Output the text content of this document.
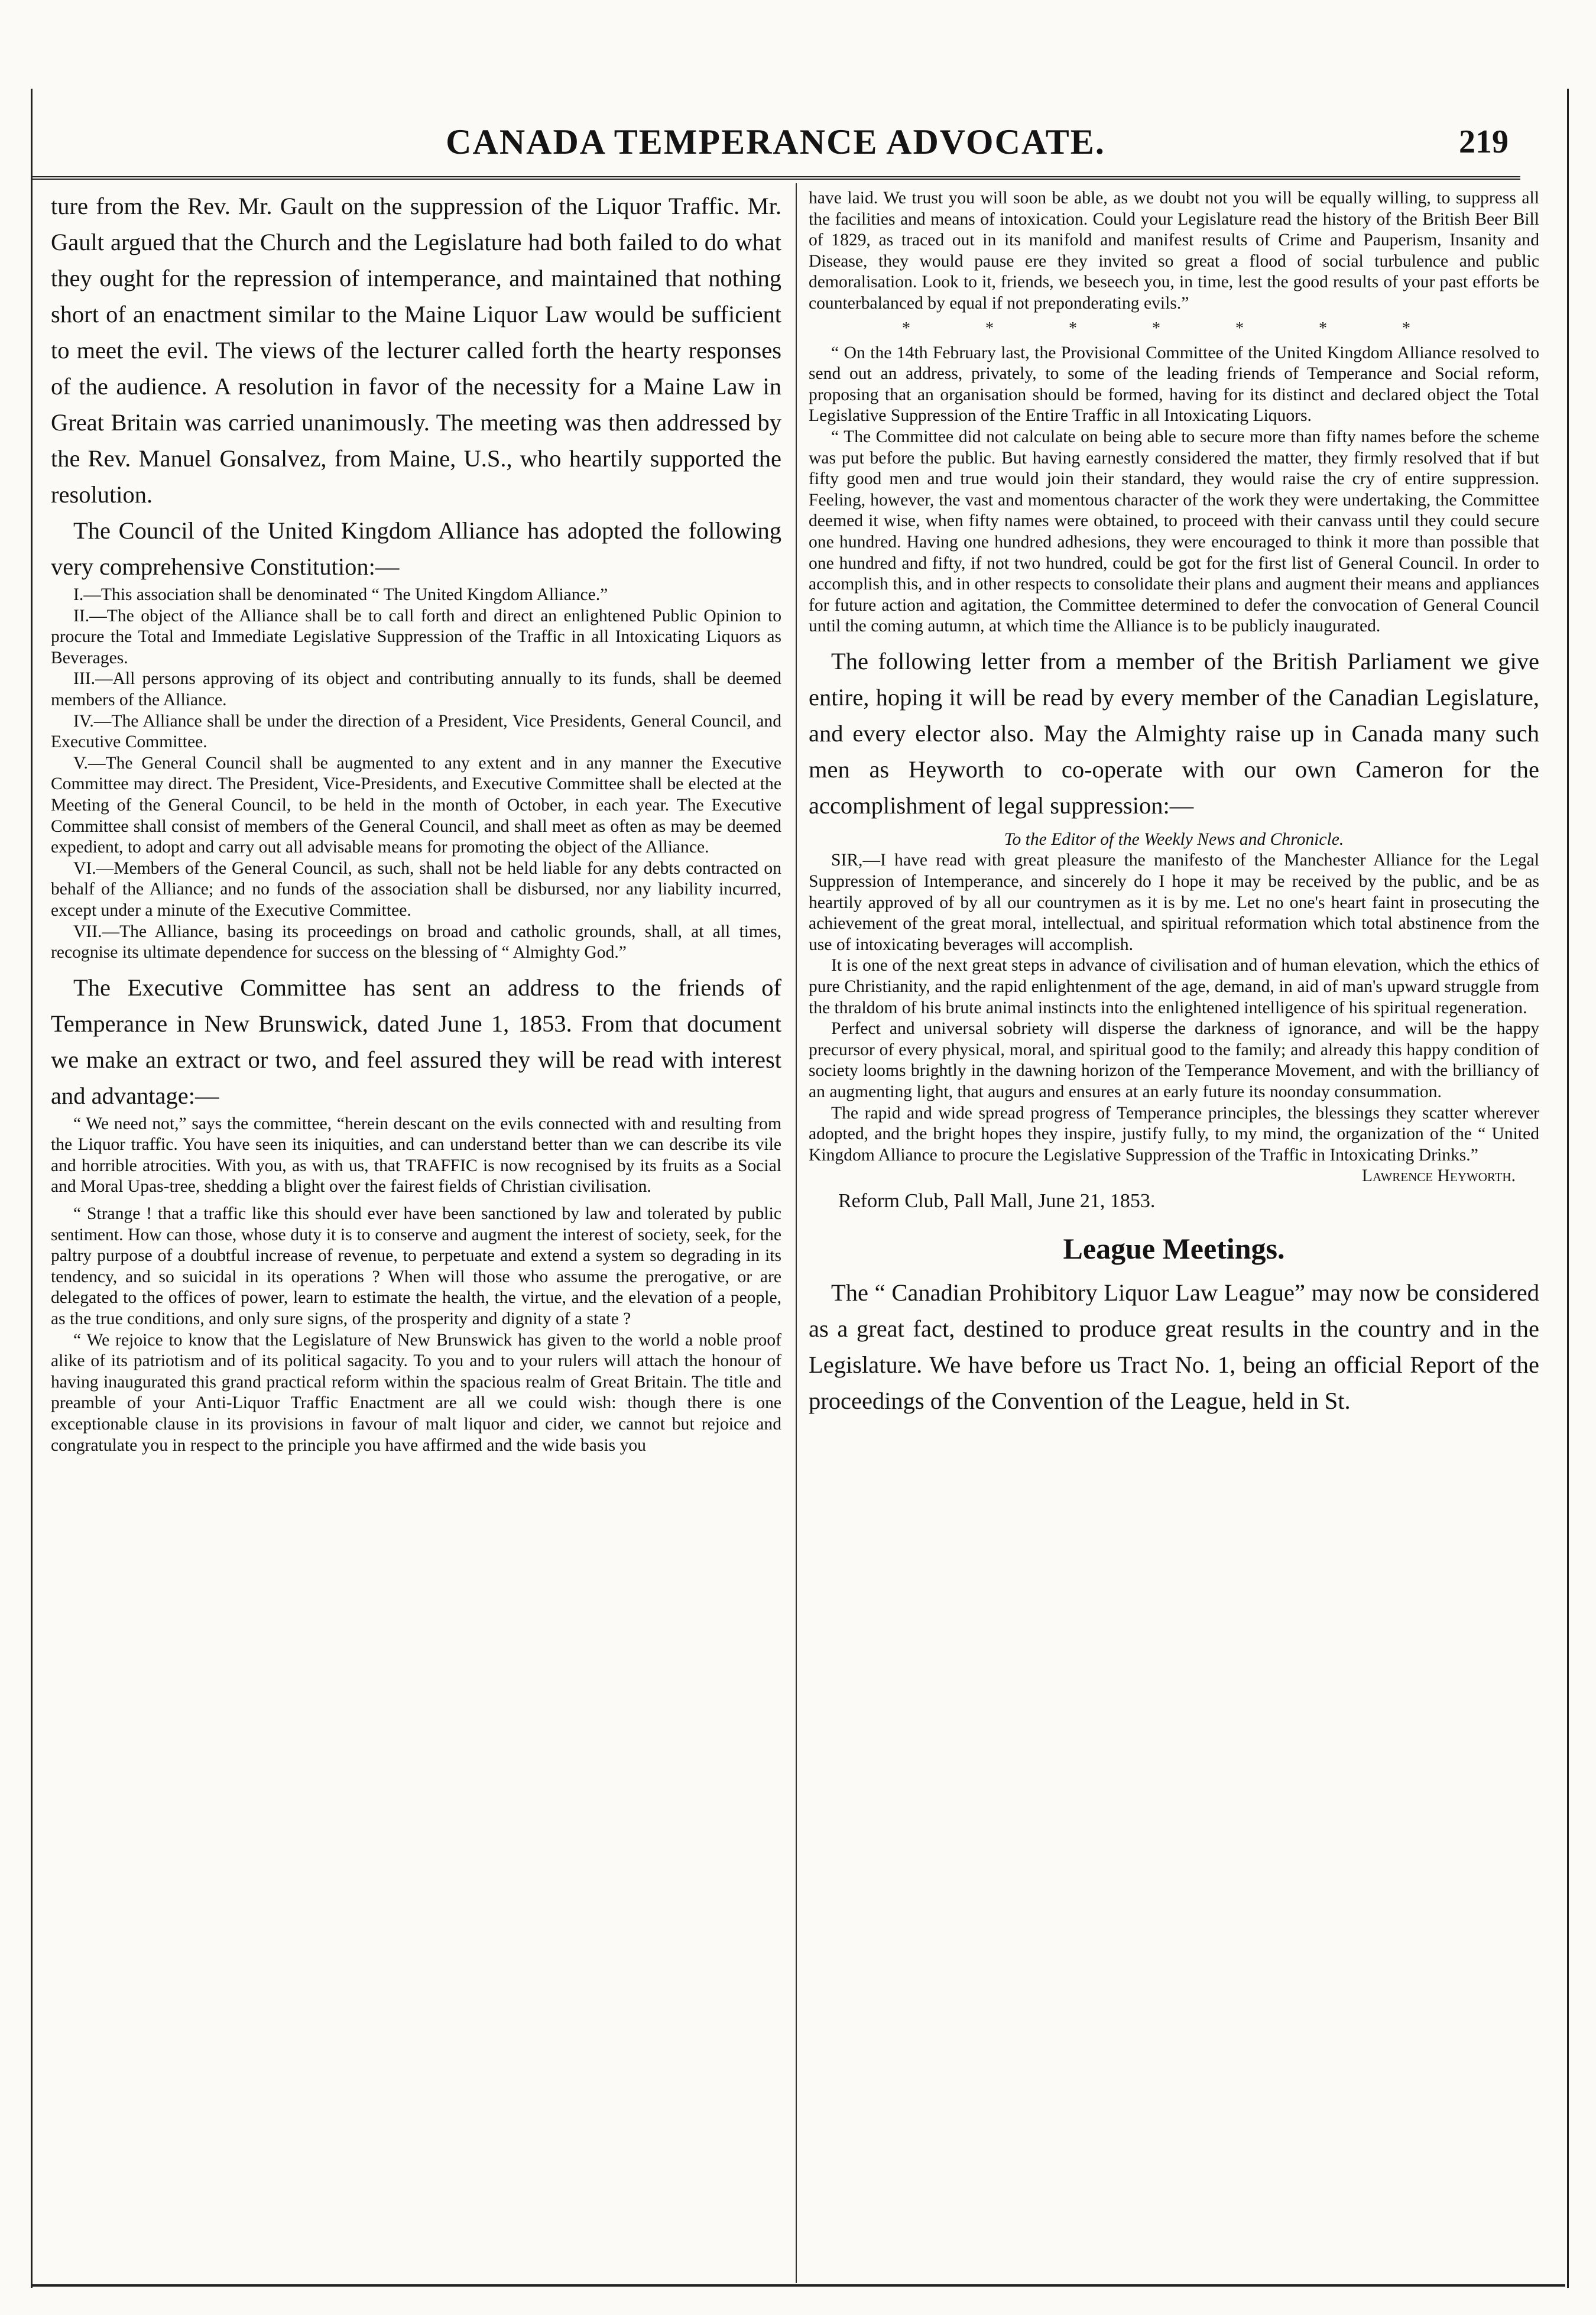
CANADA TEMPERANCE ADVOCATE.	219

ture from the Rev. Mr. Gault on the suppression of the Liquor Traffic. Mr. Gault argued that the Church and the Legislature had both failed to do what they ought for the repression of intemperance, and maintained that nothing short of an enactment similar to the Maine Liquor Law would be sufficient to meet the evil. The views of the lecturer called forth the hearty responses of the audience. A resolution in favor of the necessity for a Maine Law in Great Britain was carried unanimously. The meeting was then addressed by the Rev. Manuel Gonsalvez, from Maine, U.S., who heartily supported the resolution.

The Council of the United Kingdom Alliance has adopted the following very comprehensive Constitution:—

I.—This association shall be denominated “ The United Kingdom Alliance.”

II.—The object of the Alliance shall be to call forth and direct an enlightened Public Opinion to procure the Total and Immediate Legislative Suppression of the Traffic in all Intoxicating Liquors as Beverages.

III.—All persons approving of its object and contributing annually to its funds, shall be deemed members of the Alliance.

IV.—The Alliance shall be under the direction of a President, Vice Presidents, General Council, and Executive Committee.

V.—The General Council shall be augmented to any extent and in any manner the Executive Committee may direct. The President, Vice-Presidents, and Executive Committee shall be elected at the Meeting of the General Council, to be held in the month of October, in each year. The Executive Committee shall consist of members of the General Council, and shall meet as often as may be deemed expedient, to adopt and carry out all advisable means for promoting the object of the Alliance.

VI.—Members of the General Council, as such, shall not be held liable for any debts contracted on behalf of the Alliance; and no funds of the association shall be disbursed, nor any liability incurred, except under a minute of the Executive Committee.

VII.—The Alliance, basing its proceedings on broad and catholic grounds, shall, at all times, recognise its ultimate dependence for success on the blessing of “ Almighty God.”

The Executive Committee has sent an address to the friends of Temperance in New Brunswick, dated June 1, 1853. From that document we make an extract or two, and feel assured they will be read with interest and advantage:—

“ We need not,” says the committee, “herein descant on the evils connected with and resulting from the Liquor traffic. You have seen its iniquities, and can understand better than we can describe its vile and horrible atrocities. With you, as with us, that TRAFFIC is now recognised by its fruits as a Social and Moral Upas-tree, shedding a blight over the fairest fields of Christian civilisation.

“ Strange ! that a traffic like this should ever have been sanctioned by law and tolerated by public sentiment. How can those, whose duty it is to conserve and augment the interest of society, seek, for the paltry purpose of a doubtful increase of revenue, to perpetuate and extend a system so degrading in its tendency, and so suicidal in its operations ? When will those who assume the prerogative, or are delegated to the offices of power, learn to estimate the health, the virtue, and the elevation of a people, as the true conditions, and only sure signs, of the prosperity and dignity of a state ?

“ We rejoice to know that the Legislature of New Brunswick has given to the world a noble proof alike of its patriotism and of its political sagacity. To you and to your rulers will attach the honour of having inaugurated this grand practical reform within the spacious realm of Great Britain. The title and preamble of your Anti-Liquor Traffic Enactment are all we could wish: though there is one exceptionable clause in its provisions in favour of malt liquor and cider, we cannot but rejoice and congratulate you in respect to the principle you have affirmed and the wide basis you

have laid. We trust you will soon be able, as we doubt not you will be equally willing, to suppress all the facilities and means of intoxication. Could your Legislature read the history of the British Beer Bill of 1829, as traced out in its manifold and manifest results of Crime and Pauperism, Insanity and Disease, they would pause ere they invited so great a flood of social turbulence and public demoralisation. Look to it, friends, we beseech you, in time, lest the good results of your past efforts be counterbalanced by equal if not preponderating evils.”

* * * * * * *

“ On the 14th February last, the Provisional Committee of the United Kingdom Alliance resolved to send out an address, privately, to some of the leading friends of Temperance and Social reform, proposing that an organisation should be formed, having for its distinct and declared object the Total Legislative Suppression of the Entire Traffic in all Intoxicating Liquors.

“ The Committee did not calculate on being able to secure more than fifty names before the scheme was put before the public. But having earnestly considered the matter, they firmly resolved that if but fifty good men and true would join their standard, they would raise the cry of entire suppression. Feeling, however, the vast and momentous character of the work they were undertaking, the Committee deemed it wise, when fifty names were obtained, to proceed with their canvass until they could secure one hundred. Having one hundred adhesions, they were encouraged to think it more than possible that one hundred and fifty, if not two hundred, could be got for the first list of General Council. In order to accomplish this, and in other respects to consolidate their plans and augment their means and appliances for future action and agitation, the Committee determined to defer the convocation of General Council until the coming autumn, at which time the Alliance is to be publicly inaugurated.

The following letter from a member of the British Parliament we give entire, hoping it will be read by every member of the Canadian Legislature, and every elector also. May the Almighty raise up in Canada many such men as Heyworth to co-operate with our own Cameron for the accomplishment of legal suppression:—

To the Editor of the Weekly News and Chronicle.

SIR,—I have read with great pleasure the manifesto of the Manchester Alliance for the Legal Suppression of Intemperance, and sincerely do I hope it may be received by the public, and be as heartily approved of by all our countrymen as it is by me. Let no one's heart faint in prosecuting the achievement of the great moral, intellectual, and spiritual reformation which total abstinence from the use of intoxicating beverages will accomplish.

It is one of the next great steps in advance of civilisation and of human elevation, which the ethics of pure Christianity, and the rapid enlightenment of the age, demand, in aid of man's upward struggle from the thraldom of his brute animal instincts into the enlightened intelligence of his spiritual regeneration.

Perfect and universal sobriety will disperse the darkness of ignorance, and will be the happy precursor of every physical, moral, and spiritual good to the family; and already this happy condition of society looms brightly in the dawning horizon of the Temperance Movement, and with the brilliancy of an augmenting light, that augurs and ensures at an early future its noonday consummation.

The rapid and wide spread progress of Temperance principles, the blessings they scatter wherever adopted, and the bright hopes they inspire, justify fully, to my mind, the organization of the “ United Kingdom Alliance to procure the Legislative Suppression of the Traffic in Intoxicating Drinks.”

Lawrence Heyworth.

Reform Club, Pall Mall, June 21, 1853.

League Meetings.

The “ Canadian Prohibitory Liquor Law League” may now be considered as a great fact, destined to produce great results in the country and in the Legislature. We have before us Tract No. 1, being an official Report of the proceedings of the Convention of the League, held in St.
